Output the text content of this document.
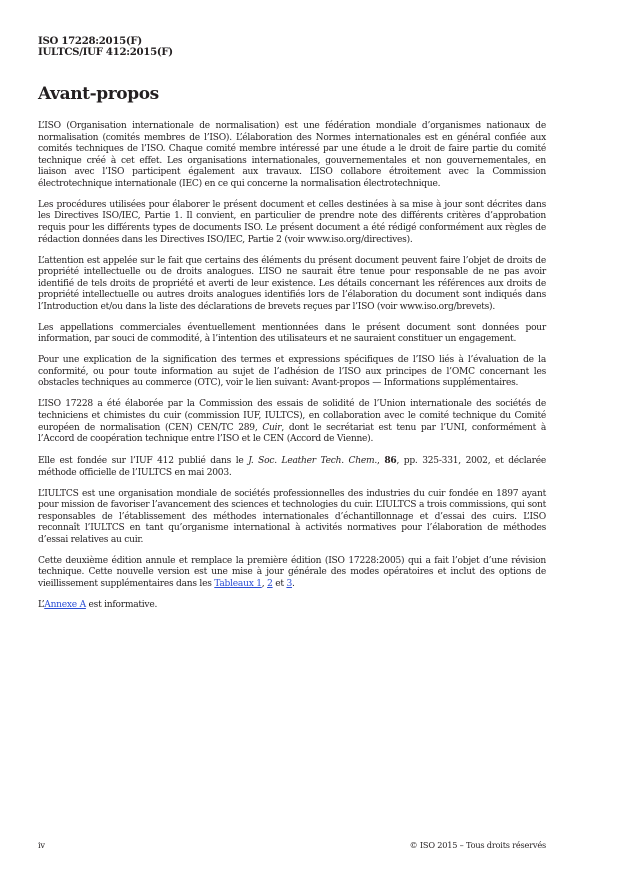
ISO 17228:2015(F)
IULTCS/IUF 412:2015(F)
Avant-propos

L’ISO (Organisation internationale de normalisation) est une fédération mondiale d’organismes nationaux de normalisation (comités membres de l’ISO). L’élaboration des Normes internationales est en général confiée aux comités techniques de l’ISO. Chaque comité membre intéressé par une étude a le droit de faire partie du comité technique créé à cet effet. Les organisations internationales, gouvernementales et non gouvernementales, en liaison avec l’ISO participent également aux travaux. L’ISO collabore étroitement avec la Commission électrotechnique internationale (IEC) en ce qui concerne la normalisation électrotechnique.

Les procédures utilisées pour élaborer le présent document et celles destinées à sa mise à jour sont décrites dans les Directives ISO/IEC, Partie 1. Il convient, en particulier de prendre note des différents critères d’approbation requis pour les différents types de documents ISO. Le présent document a été rédigé conformément aux règles de rédaction données dans les Directives ISO/IEC, Partie 2 (voir www.iso.org/directives).

L’attention est appelée sur le fait que certains des éléments du présent document peuvent faire l’objet de droits de propriété intellectuelle ou de droits analogues. L’ISO ne saurait être tenue pour responsable de ne pas avoir identifié de tels droits de propriété et averti de leur existence. Les détails concernant les références aux droits de propriété intellectuelle ou autres droits analogues identifiés lors de l’élaboration du document sont indiqués dans l’Introduction et/ou dans la liste des déclarations de brevets reçues par l’ISO (voir www.iso.org/brevets).

Les appellations commerciales éventuellement mentionnées dans le présent document sont données pour information, par souci de commodité, à l’intention des utilisateurs et ne sauraient constituer un engagement.

Pour une explication de la signification des termes et expressions spécifiques de l’ISO liés à l’évaluation de la conformité, ou pour toute information au sujet de l’adhésion de l’ISO aux principes de l’OMC concernant les obstacles techniques au commerce (OTC), voir le lien suivant: Avant-propos — Informations supplémentaires.

L’ISO 17228 a été élaborée par la Commission des essais de solidité de l’Union internationale des sociétés de techniciens et chimistes du cuir (commission IUF, IULTCS), en collaboration avec le comité technique du Comité européen de normalisation (CEN) CEN/TC 289, Cuir, dont le secrétariat est tenu par l’UNI, conformément à l’Accord de coopération technique entre l’ISO et le CEN (Accord de Vienne).

Elle est fondée sur l’IUF 412 publié dans le J. Soc. Leather Tech. Chem., 86, pp. 325-331, 2002, et déclarée méthode officielle de l’IULTCS en mai 2003.

L’IULTCS est une organisation mondiale de sociétés professionnelles des industries du cuir fondée en 1897 ayant pour mission de favoriser l’avancement des sciences et technologies du cuir. L’IULTCS a trois commissions, qui sont responsables de l’établissement des méthodes internationales d’échantillonnage et d’essai des cuirs. L’ISO reconnaît l’IULTCS en tant qu’organisme international à activités normatives pour l’élaboration de méthodes d’essai relatives au cuir.

Cette deuxième édition annule et remplace la première édition (ISO 17228:2005) qui a fait l’objet d’une révision technique. Cette nouvelle version est une mise à jour générale des modes opératoires et inclut des options de vieillissement supplémentaires dans les Tableaux 1, 2 et 3.

L’Annexe A est informative.

iv	© ISO 2015 – Tous droits réservés
